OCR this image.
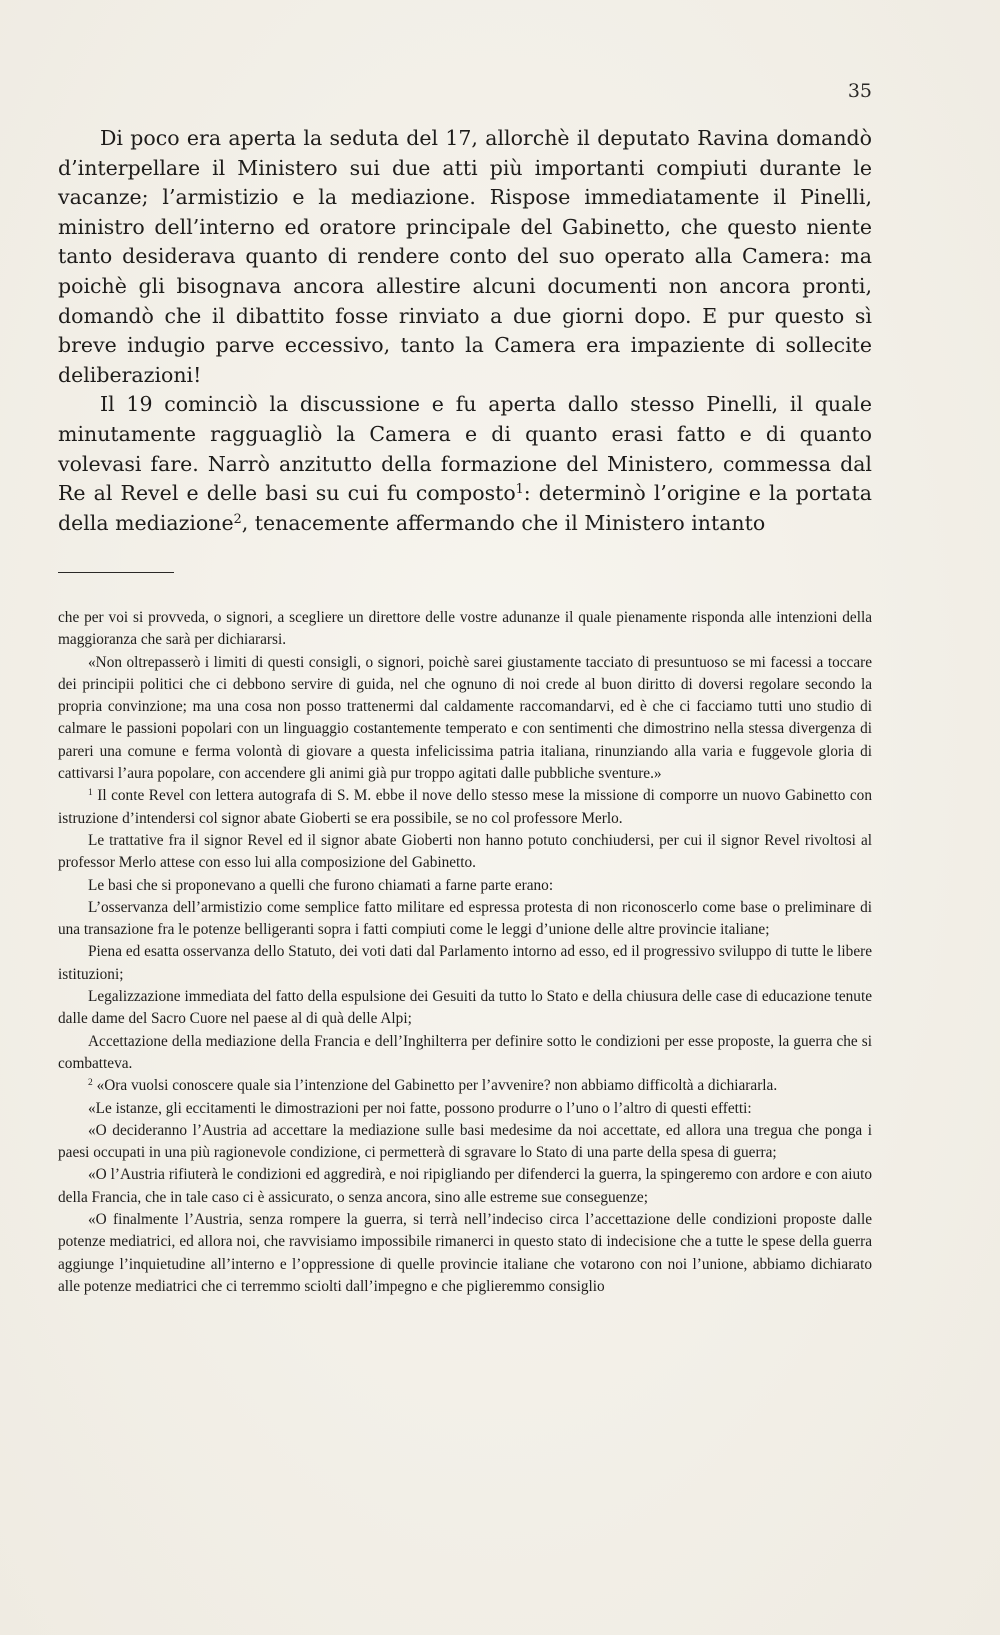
35

Di poco era aperta la seduta del 17, allorchè il deputato Ravina domandò d’interpellare il Ministero sui due atti più importanti compiuti durante le vacanze; l’armistizio e la mediazione. Rispose immediatamente il Pinelli, ministro dell’interno ed oratore principale del Gabinetto, che questo niente tanto desiderava quanto di rendere conto del suo operato alla Camera: ma poichè gli bisognava ancora allestire alcuni documenti non ancora pronti, domandò che il dibattito fosse rinviato a due giorni dopo. E pur questo sì breve indugio parve eccessivo, tanto la Camera era impaziente di sollecite deliberazioni!

Il 19 cominciò la discussione e fu aperta dallo stesso Pinelli, il quale minutamente ragguagliò la Camera e di quanto erasi fatto e di quanto volevasi fare. Narrò anzitutto della formazione del Ministero, commessa dal Re al Revel e delle basi su cui fu composto$^1$: determinò l’origine e la portata della mediazione$^2$, tenacemente affermando che il Ministero intanto

che per voi si provveda, o signori, a scegliere un direttore delle vostre adunanze il quale pienamente risponda alle intenzioni della maggioranza che sarà per dichiararsi.

«Non oltrepasserò i limiti di questi consigli, o signori, poichè sarei giustamente tacciato di presuntuoso se mi facessi a toccare dei principii politici che ci debbono servire di guida, nel che ognuno di noi crede al buon diritto di doversi regolare secondo la propria convinzione; ma una cosa non posso trattenermi dal caldamente raccomandarvi, ed è che ci facciamo tutti uno studio di calmare le passioni popolari con un linguaggio costantemente temperato e con sentimenti che dimostrino nella stessa divergenza di pareri una comune e ferma volontà di giovare a questa infelicissima patria italiana, rinunziando alla varia e fuggevole gloria di cattivarsi l’aura popolare, con accendere gli animi già pur troppo agitati dalle pubbliche sventure.»

$^1$ Il conte Revel con lettera autografa di S. M. ebbe il nove dello stesso mese la missione di comporre un nuovo Gabinetto con istruzione d’intendersi col signor abate Gioberti se era possibile, se no col professore Merlo.

Le trattative fra il signor Revel ed il signor abate Gioberti non hanno potuto conchiudersi, per cui il signor Revel rivoltosi al professor Merlo attese con esso lui alla composizione del Gabinetto.

Le basi che si proponevano a quelli che furono chiamati a farne parte erano:

L’osservanza dell’armistizio come semplice fatto militare ed espressa protesta di non riconoscerlo come base o preliminare di una transazione fra le potenze belligeranti sopra i fatti compiuti come le leggi d’unione delle altre provincie italiane;

Piena ed esatta osservanza dello Statuto, dei voti dati dal Parlamento intorno ad esso, ed il progressivo sviluppo di tutte le libere istituzioni;

Legalizzazione immediata del fatto della espulsione dei Gesuiti da tutto lo Stato e della chiusura delle case di educazione tenute dalle dame del Sacro Cuore nel paese al di quà delle Alpi;

Accettazione della mediazione della Francia e dell’Inghilterra per definire sotto le condizioni per esse proposte, la guerra che si combatteva.

$^2$ «Ora vuolsi conoscere quale sia l’intenzione del Gabinetto per l’avvenire? non abbiamo difficoltà a dichiararla.

«Le istanze, gli eccitamenti le dimostrazioni per noi fatte, possono produrre o l’uno o l’altro di questi effetti:

«O decideranno l’Austria ad accettare la mediazione sulle basi medesime da noi accettate, ed allora una tregua che ponga i paesi occupati in una più ragionevole condizione, ci permetterà di sgravare lo Stato di una parte della spesa di guerra;

«O l’Austria rifiuterà le condizioni ed aggredirà, e noi ripigliando per difenderci la guerra, la spingeremo con ardore e con aiuto della Francia, che in tale caso ci è assicurato, o senza ancora, sino alle estreme sue conseguenze;

«O finalmente l’Austria, senza rompere la guerra, si terrà nell’indeciso circa l’accettazione delle condizioni proposte dalle potenze mediatrici, ed allora noi, che ravvisiamo impossibile rimanerci in questo stato di indecisione che a tutte le spese della guerra aggiunge l’inquietudine all’interno e l’oppressione di quelle provincie italiane che votarono con noi l’unione, abbiamo dichiarato alle potenze mediatrici che ci terremmo sciolti dall’impegno e che piglieremmo consiglio
